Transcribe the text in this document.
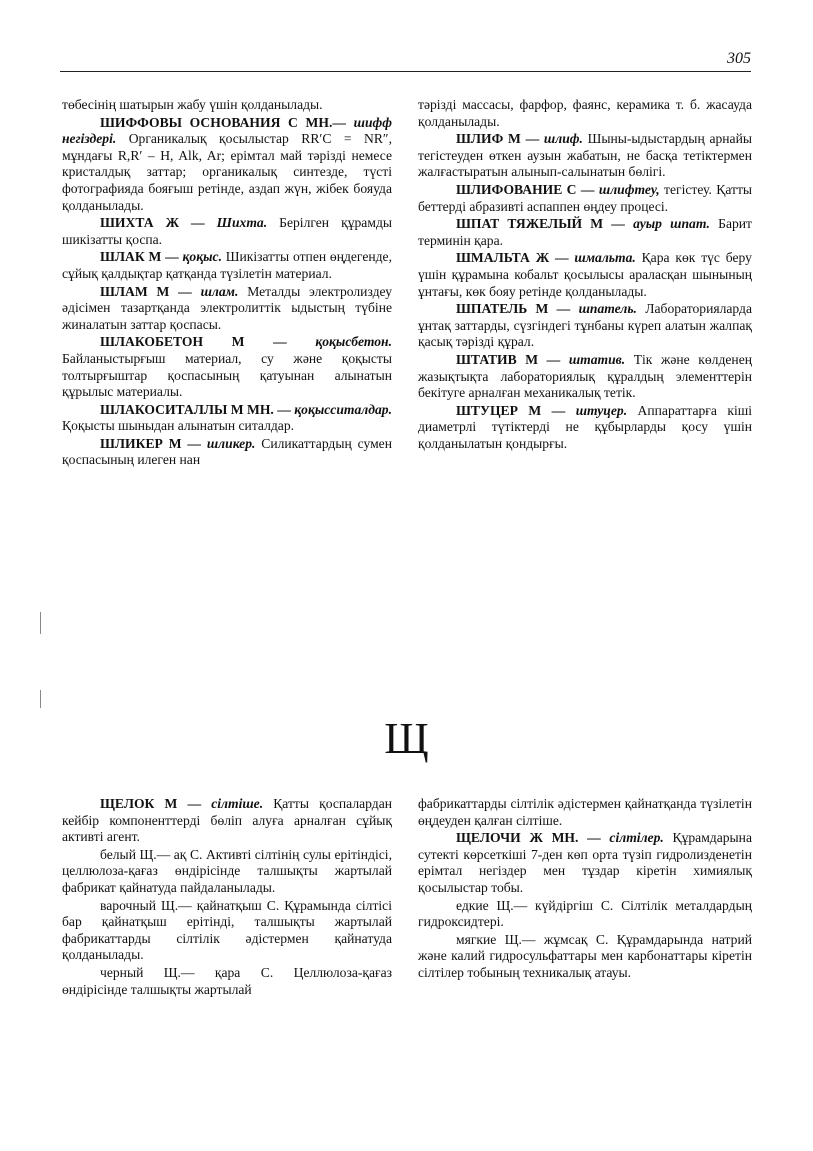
305

төбесінің шатырын жабу үшін қолданылады.

ШИФФОВЫ ОСНОВАНИЯ С МН.— шифф негіздері. Органикалық қосылыстар RR′C = NR″, мұндағы R,R′ – H, Alk, Ar; ерімтал май тәрізді немесе кристалдық заттар; органикалық синтезде, түсті фотографияда бояғыш ретінде, аздап жүн, жібек бояуда қолданылады.

ШИХТА Ж — Шихта. Берілген құрамды шикізатты қоспа.

ШЛАК М — қоқыс. Шикізатты отпен өңдегенде, сұйық қалдықтар қатқанда түзілетін материал.

ШЛАМ М — шлам. Металды электролиздеу әдісімен тазартқанда электролиттік ыдыстың түбіне жиналатын заттар қоспасы.

ШЛАКОБЕТОН М — қоқысбетон. Байланыстырғыш материал, су және қоқысты толтырғыштар қоспасының қатуынан алынатын құрылыс материалы.

ШЛАКОСИТАЛЛЫ М МН. — қоқысситалдар. Қоқысты шыныдан алынатын ситалдар.

ШЛИКЕР М — шликер. Силикаттардың сумен қоспасының илеген нан

тәрізді массасы, фарфор, фаянс, керамика т. б. жасауда қолданылады.

ШЛИФ М — шлиф. Шыны-ыдыстардың арнайы тегістеуден өткен аузын жабатын, не басқа тетіктермен жалғастыратын алынып-салынатын бөлігі.

ШЛИФОВАНИЕ С — шлифтеу, тегістеу. Қатты беттерді абразивті аспаппен өңдеу процесі.

ШПАТ ТЯЖЕЛЫЙ М — ауыр шпат. Барит терминін қара.

ШМАЛЬТА Ж — шмальта. Қара көк түс беру үшін құрамына кобальт қосылысы араласқан шынының ұнтағы, көк бояу ретінде қолданылады.

ШПАТЕЛЬ М — шпатель. Лабораторияларда ұнтақ заттарды, сүзгіндегі тұнбаны күреп алатын жалпақ қасық тәрізді құрал.

ШТАТИВ М — штатив. Тік және көлденең жазықтықта лабораториялық құралдың элементтерін бекітуге арналған механикалық тетік.

ШТУЦЕР М — штуцер. Аппараттарға кіші диаметрлі түтіктерді не құбырларды қосу үшін қолданылатын қондырғы.

Щ

ЩЕЛОК М — сілтіше. Қатты қоспалардан кейбір компоненттерді бөліп алуға арналған сұйық активті агент.

белый Щ.— ақ С. Активті сілтінің сулы ерітіндісі, целлюлоза-қағаз өндірісінде талшықты жартылай фабрикат қайнатуда пайдаланылады.

варочный Щ.— қайнатқыш С. Құрамында сілтісі бар қайнатқыш ерітінді, талшықты жартылай фабрикаттарды сілтілік әдістермен қайнатуда қолданылады.

черный Щ.— қара С. Целлюлоза-қағаз өндірісінде талшықты жартылай

фабрикаттарды сілтілік әдістермен қайнатқанда түзілетін өңдеуден қалған сілтіше.

ЩЕЛОЧИ Ж МН. — сілтілер. Құрамдарына сутекті көрсеткіші 7-ден көп орта түзіп гидролизденетін ерімтал негіздер мен тұздар кіретін химиялық қосылыстар тобы.

едкие Щ.— күйдіргіш С. Сілтілік металдардың гидроксидтері.

мягкие Щ.— жұмсақ С. Құрамдарында натрий және калий гидросульфаттары мен карбонаттары кіретін сілтілер тобының техникалық атауы.
